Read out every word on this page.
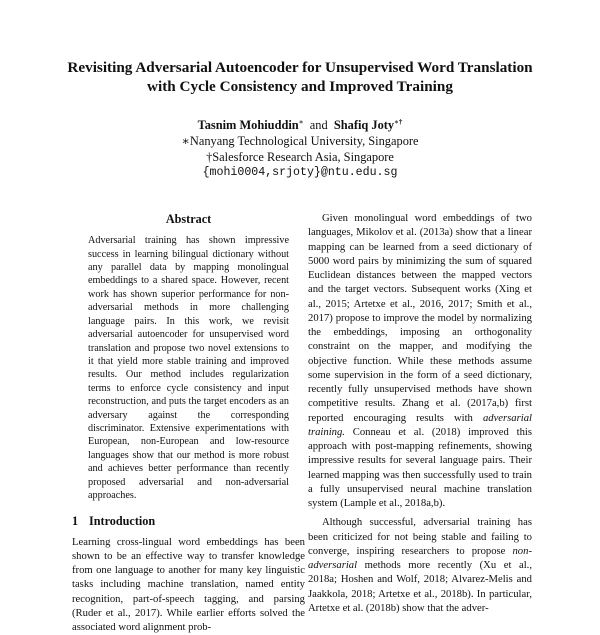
Revisiting Adversarial Autoencoder for Unsupervised Word Translation
with Cycle Consistency and Improved Training
Tasnim Mohiuddin∗ and Shafiq Joty∗†
∗Nanyang Technological University, Singapore
†Salesforce Research Asia, Singapore
{mohi0004,srjoty}@ntu.edu.sg
Abstract

Adversarial training has shown impressive success in learning bilingual dictionary without any parallel data by mapping monolingual embeddings to a shared space. However, recent work has shown superior performance for non-adversarial methods in more challenging language pairs. In this work, we revisit adversarial autoencoder for unsupervised word translation and propose two novel extensions to it that yield more stable training and improved results. Our method includes regularization terms to enforce cycle consistency and input reconstruction, and puts the target encoders as an adversary against the corresponding discriminator. Extensive experimentations with European, non-European and low-resource languages show that our method is more robust and achieves better performance than recently proposed adversarial and non-adversarial approaches.

1 Introduction

Learning cross-lingual word embeddings has been shown to be an effective way to transfer knowledge from one language to another for many key linguistic tasks including machine translation, named entity recognition, part-of-speech tagging, and parsing (Ruder et al., 2017). While earlier efforts solved the associated word alignment prob-

Given monolingual word embeddings of two languages, Mikolov et al. (2013a) show that a linear mapping can be learned from a seed dictionary of 5000 word pairs by minimizing the sum of squared Euclidean distances between the mapped vectors and the target vectors. Subsequent works (Xing et al., 2015; Artetxe et al., 2016, 2017; Smith et al., 2017) propose to improve the model by normalizing the embeddings, imposing an orthogonality constraint on the mapper, and modifying the objective function. While these methods assume some supervision in the form of a seed dictionary, recently fully unsupervised methods have shown competitive results. Zhang et al. (2017a,b) first reported encouraging results with adversarial training. Conneau et al. (2018) improved this approach with post-mapping refinements, showing impressive results for several language pairs. Their learned mapping was then successfully used to train a fully unsupervised neural machine translation system (Lample et al., 2018a,b).

Although successful, adversarial training has been criticized for not being stable and failing to converge, inspiring researchers to propose non-adversarial methods more recently (Xu et al., 2018a; Hoshen and Wolf, 2018; Alvarez-Melis and Jaakkola, 2018; Artetxe et al., 2018b). In particular, Artetxe et al. (2018b) show that the adver-
